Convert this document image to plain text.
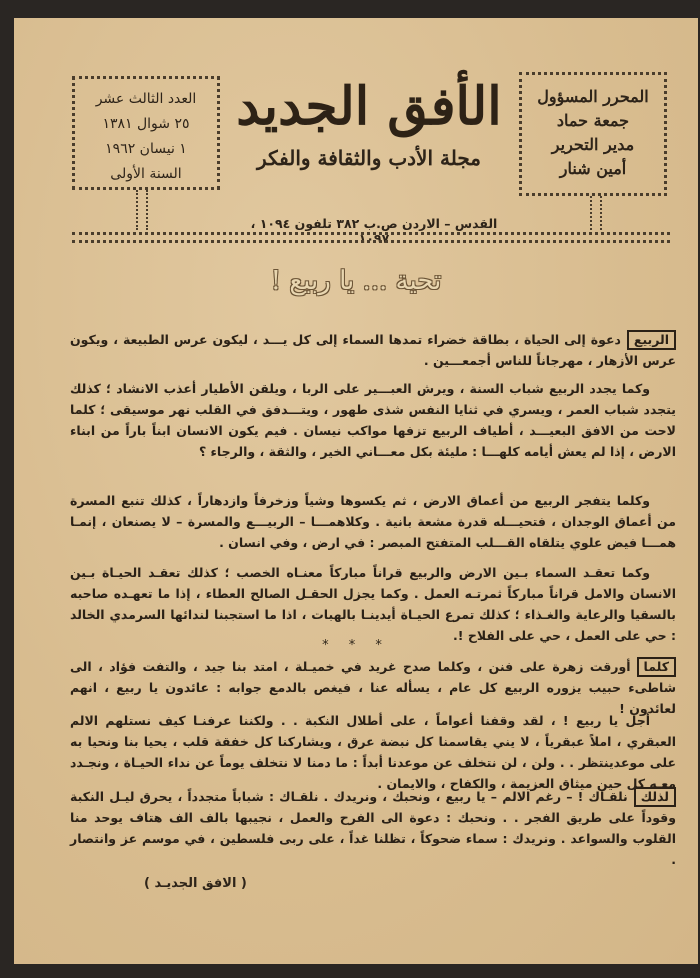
العدد الثالث عشر
٢٥ شوال ١٣٨١
١ نيسان ١٩٦٢
السنة الأولى
الأفق الجديد
مجلة الأدب والثقافة والفكر
المحرر المسؤول
جمعة حماد
مدير التحرير
أمين شنار
القدس – الاردن ص.ب ٣٨٢ تلفون ١٠٩٤ ، ١٠٩٧
تحية ... يا ربيع !
الربيعدعوة إلى الحياة ، بطاقة خضراء تمدها السماء إلى كل يـــد ، ليكون عرس الطبيعة ، ويكون عرس الأزهار ، مهرجاناً للناس أجمعـــين .
وكما يجدد الربيع شباب السنة ، ويرش العبـــير على الربا ، ويلقن الأطيار أعذب الانشاد ؛ كذلك يتجدد شباب العمر ، ويسري في ثنايا النفس شذى طهور ، ويتـــدفق في القلب نهر موسيقى ؛ كلما لاحت من الافق البعيـــد ، أطياف الربيع تزفها مواكب نيسان . فيم يكون الانسان ابناً باراً من ابناء الارض ، إذا لم يعش أيامه كلهـــا : مليئة بكل معـــاني الخير ، والثقة ، والرجاء ؟
وكلما يتفجر الربيع من أعماق الارض ، ثم يكسوها وشياً وزخرفاً وازدهاراً ، كذلك تنبع المسرة من أعماق الوجدان ، فتحيـــله قدرة مشعة بانية . وكلاهمـــا – الربيـــع والمسرة – لا يصنعان ، إنمـا همـــا فيض علوي يتلقاه القـــلب المتفتح المبصر : في ارض ، وفي انسان .
وكما تعقـد السماء بـين الارض والربيع قراناً مباركاً معنـاه الخصب ؛ كذلك تعقـد الحيـاة بـين الانسان والامل قراناً مباركاً ثمرتـه العمل . وكما يجزل الحقـل الصالح العطاء ، إذا ما تعهـده صاحبه بالسقيا والرعاية والغـذاء ؛ كذلك تمرع الحيـاة أيدينـا بالهبات ، اذا ما استجبنا لندائها السرمدي الخالد : حي على العمل ، حي على الفلاح !.
* * *
كلماأورقت زهرة على فنن ، وكلما صدح غريد في خميـلة ، امتد بنا جيد ، والتفت فؤاد ، الى شاطىء حبيب يزوره الربيع كل عام ، يسأله عنا ، فيغص بالدمع جوابه : عائدون يا ربيع ، انهم لعائدون !
أجل يا ربيع ! ، لقد وقفنا أعواماً ، على أطلال النكبة . . ولكننا عرفنـا كيف نستلهم الالم العبقري ، املاً عبقرياً ، لا يني يقاسمنا كل نبضة عرق ، ويشاركنا كل خفقة قلب ، يحيا بنا ونحيا به على موعدينتظر . . ولن ، لن نتخلف عن موعدنا أبداً : ما دمنا لا نتخلف يوماً عن نداء الحيـاة ، ونجـدد معـه كل حين ميثاق العزيمة ، والكفاح ، والايمان .
لذلكنلقـاك ! – رغم الالم – يا ربيع ، ونحبك ، ونريدك . نلقـاك : شباباً متجدداً ، يحرق ليـل النكبة وقوداً على طريق الفجر . . ونحبك : دعوة الى الفرح والعمل ، نجيبها بالف الف هتاف يوحد منا القلوب والسواعد . ونريدك : سماء ضحوكاً ، تظلنا غداً ، على ربى فلسطين ، في موسم عز وانتصار .
( الافق الجديـد )
